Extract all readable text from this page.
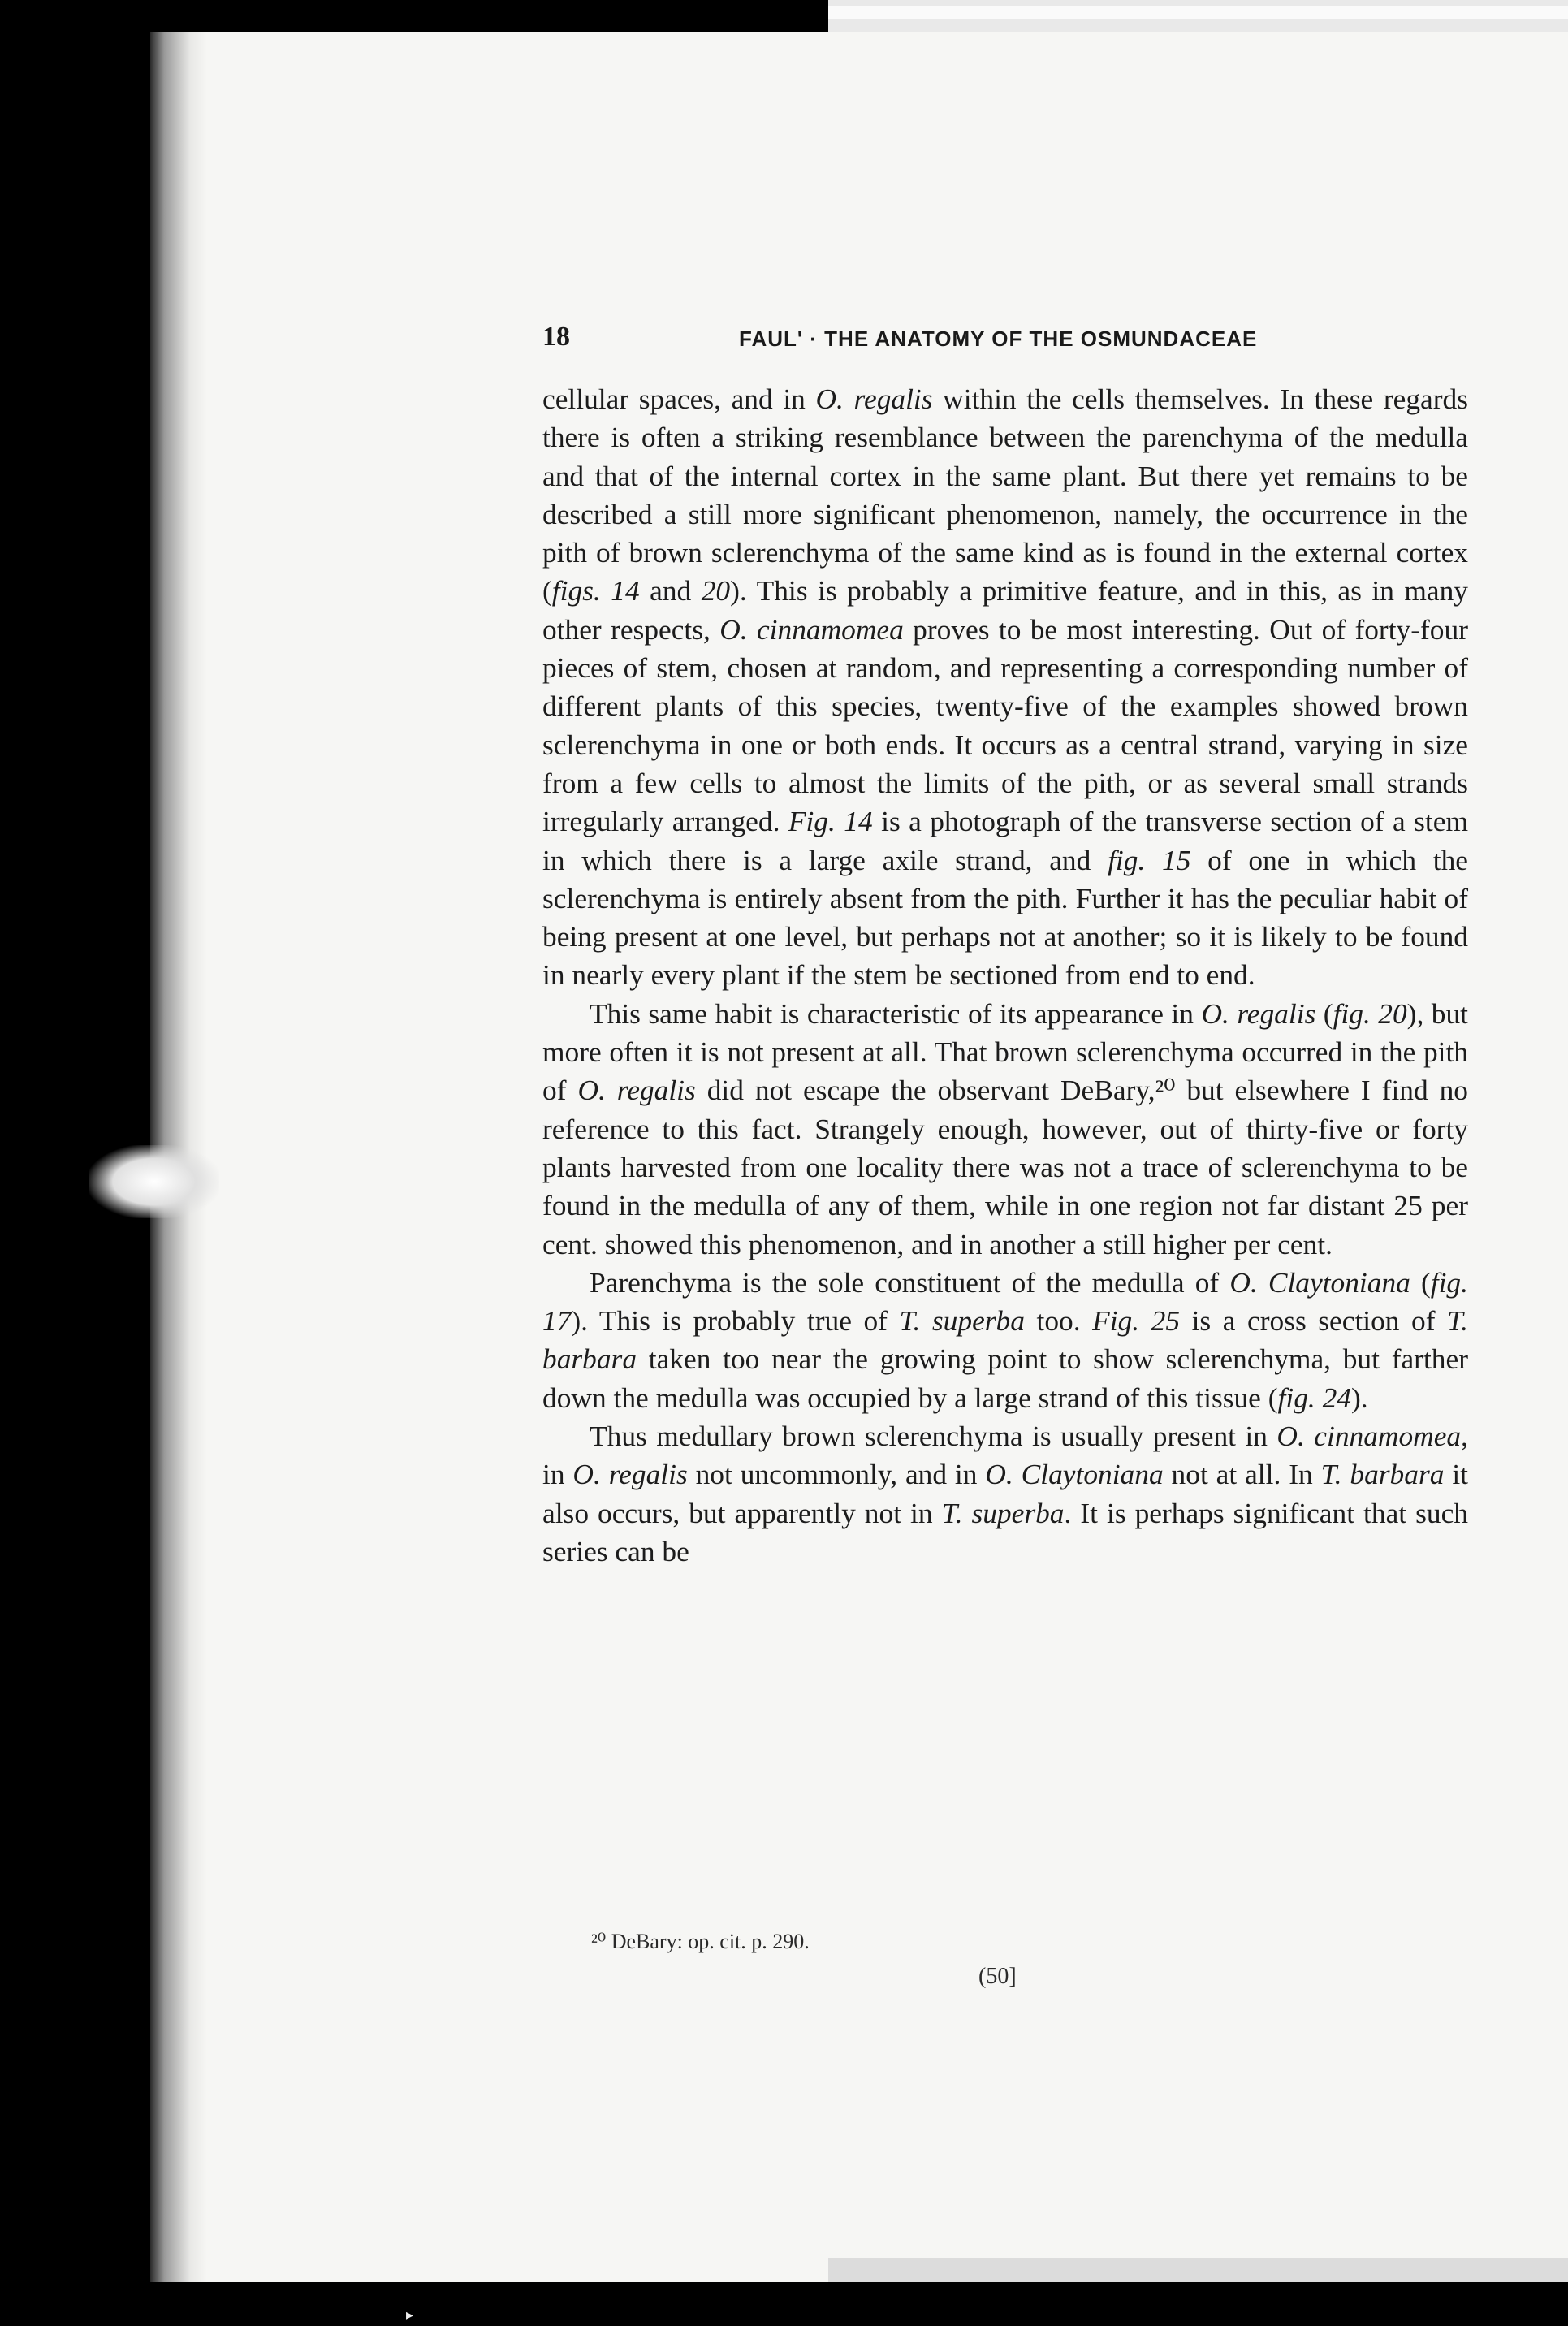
▸
18	FAUL' · THE ANATOMY OF THE OSMUNDACEAE

cellular spaces, and in O. regalis within the cells themselves. In these regards there is often a striking resemblance between the parenchyma of the medulla and that of the internal cortex in the same plant. But there yet remains to be described a still more significant phenomenon, namely, the occurrence in the pith of brown sclerenchyma of the same kind as is found in the external cortex (figs. 14 and 20). This is probably a primitive feature, and in this, as in many other respects, O. cinnamomea proves to be most interesting. Out of forty-four pieces of stem, chosen at random, and representing a corresponding number of different plants of this species, twenty-five of the examples showed brown sclerenchyma in one or both ends. It occurs as a central strand, varying in size from a few cells to almost the limits of the pith, or as several small strands irregularly arranged. Fig. 14 is a photograph of the transverse section of a stem in which there is a large axile strand, and fig. 15 of one in which the sclerenchyma is entirely absent from the pith. Further it has the peculiar habit of being present at one level, but perhaps not at another; so it is likely to be found in nearly every plant if the stem be sectioned from end to end.

This same habit is characteristic of its appearance in O. regalis (fig. 20), but more often it is not present at all. That brown sclerenchyma occurred in the pith of O. regalis did not escape the observant DeBary,²⁰ but elsewhere I find no reference to this fact. Strangely enough, however, out of thirty-five or forty plants harvested from one locality there was not a trace of sclerenchyma to be found in the medulla of any of them, while in one region not far distant 25 per cent. showed this phenomenon, and in another a still higher per cent.

Parenchyma is the sole constituent of the medulla of O. Claytoniana (fig. 17). This is probably true of T. superba too. Fig. 25 is a cross section of T. barbara taken too near the growing point to show sclerenchyma, but farther down the medulla was occupied by a large strand of this tissue (fig. 24).

Thus medullary brown sclerenchyma is usually present in O. cinnamomea, in O. regalis not uncommonly, and in O. Claytoniana not at all. In T. barbara it also occurs, but apparently not in T. superba. It is perhaps significant that such series can be

²⁰ DeBary: op. cit. p. 290.
(50]
